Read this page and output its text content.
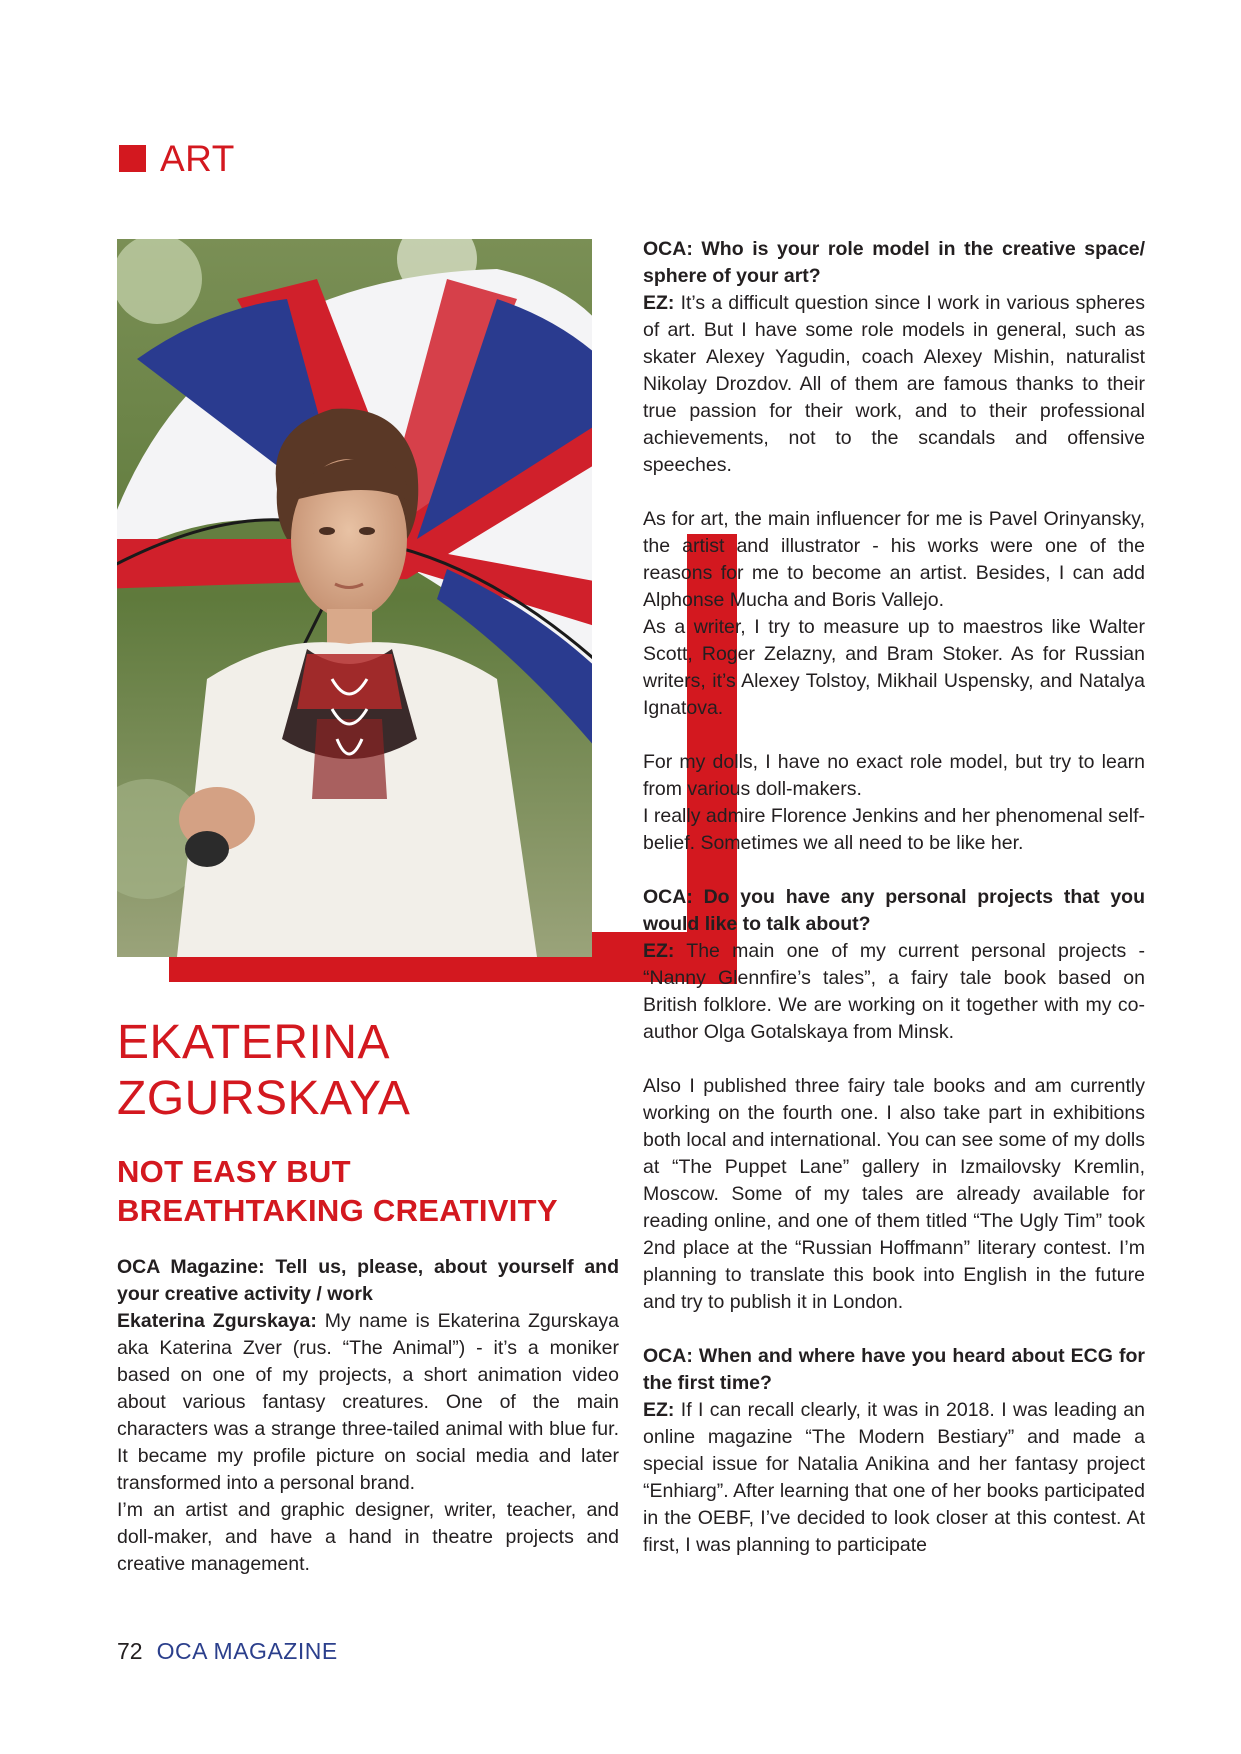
ART
EKATERINA
ZGURSKAYA
NOT EASY BUT
BREATHTAKING CREATIVITY

OCA Magazine: Tell us, please, about yourself and your creative activity / work

Ekaterina Zgurskaya: My name is Ekaterina Zgurskaya aka Katerina Zver (rus. “The Animal”) - it’s a moniker based on one of my projects, a short animation video about various fantasy creatures. One of the main characters was a strange three-tailed animal with blue fur. It became my profile picture on social media and later transformed into a personal brand.

I’m an artist and graphic designer, writer, teacher, and doll-maker, and have a hand in theatre projects and creative management.

OCA: Who is your role model in the creative space/ sphere of your art?

EZ: It’s a difficult question since I work in various spheres of art. But I have some role models in general, such as skater Alexey Yagudin, coach Alexey Mishin, naturalist Nikolay Drozdov. All of them are famous thanks to their true passion for their work, and to their professional achievements, not to the scandals and offensive speeches.

As for art, the main influencer for me is Pavel Orinyansky, the artist and illustrator - his works were one of the reasons for me to become an artist. Besides, I can add Alphonse Mucha and Boris Vallejo.

As a writer, I try to measure up to maestros like Walter Scott, Roger Zelazny, and Bram Stoker. As for Russian writers, it’s Alexey Tolstoy, Mikhail Uspensky, and Natalya Ignatova.

For my dolls, I have no exact role model, but try to learn from various doll-makers.

I really admire Florence Jenkins and her phenomenal self-belief. Sometimes we all need to be like her.

OCA: Do you have any personal projects that you would like to talk about?

EZ: The main one of my current personal projects - “Nanny Glennfire’s tales”, a fairy tale book based on British folklore. We are working on it together with my co-author Olga Gotalskaya from Minsk.

Also I published three fairy tale books and am currently working on the fourth one. I also take part in exhibitions both local and international. You can see some of my dolls at “The Puppet Lane” gallery in Izmailovsky Kremlin, Moscow. Some of my tales are already available for reading online, and one of them titled “The Ugly Tim” took 2nd place at the “Russian Hoffmann” literary contest. I’m planning to translate this book into English in the future and try to publish it in London.

OCA: When and where have you heard about ECG for the first time?

EZ: If I can recall clearly, it was in 2018. I was leading an online magazine “The Modern Bestiary” and made a special issue for Natalia Anikina and her fantasy project “Enhiarg”. After learning that one of her books participated in the OEBF, I’ve decided to look closer at this contest. At first, I was planning to participate

72 OCA MAGAZINE
